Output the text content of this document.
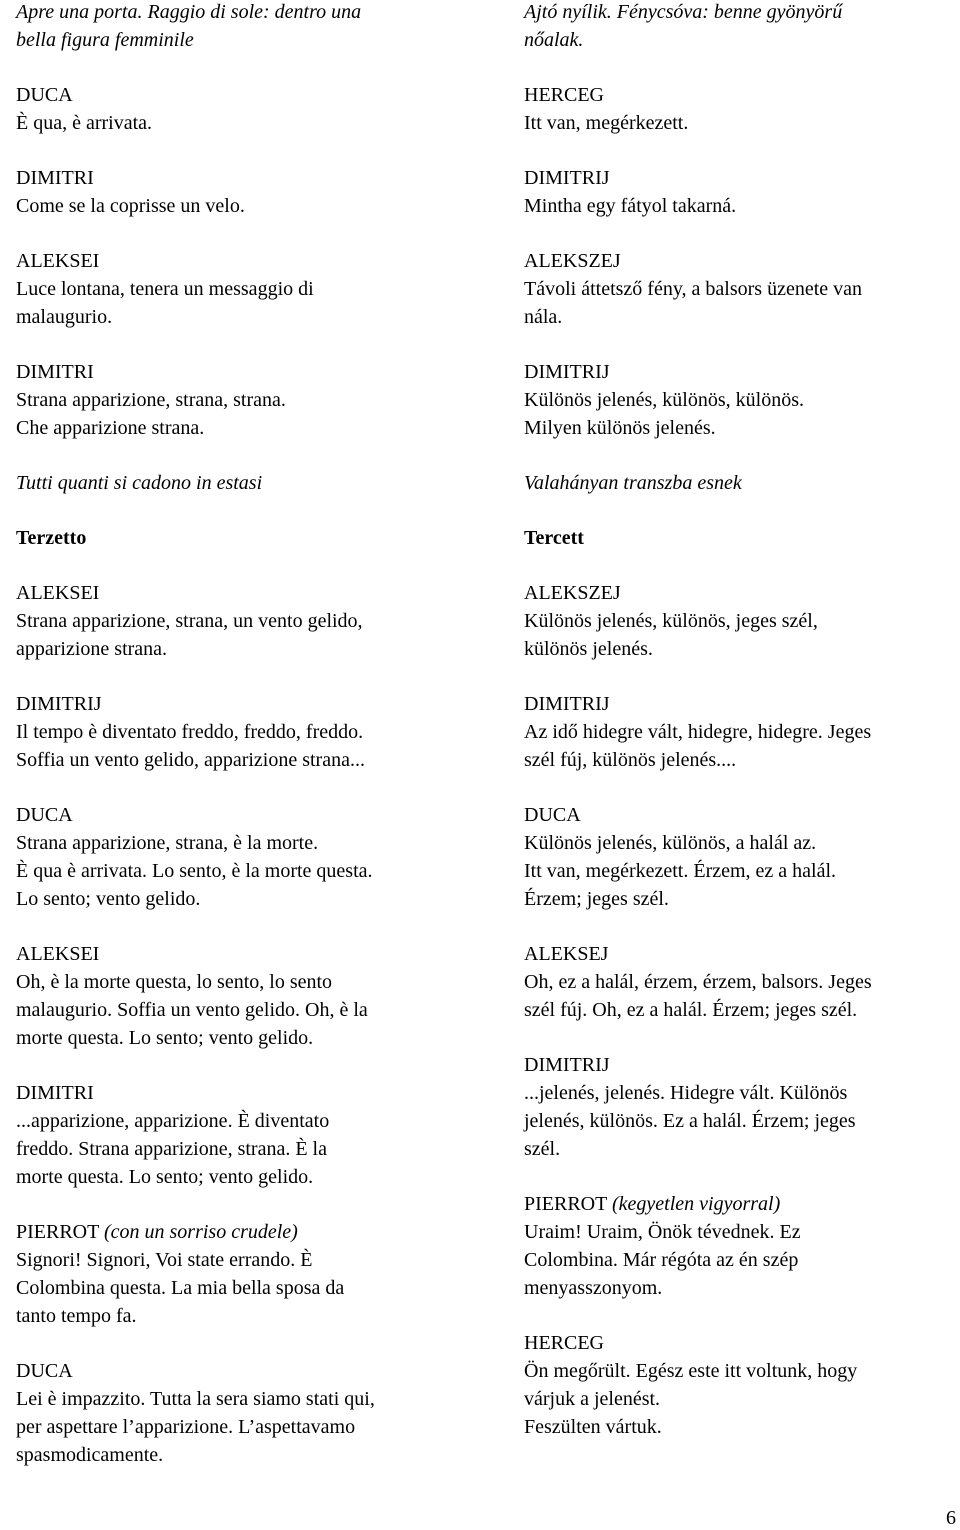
Apre una porta. Raggio di sole: dentro una
bella figura femminile
DUCA
È qua, è arrivata.
DIMITRI
Come se la coprisse un velo.
ALEKSEI
Luce lontana, tenera un messaggio di
malaugurio.
DIMITRI
Strana apparizione, strana, strana.
Che apparizione strana.
Tutti quanti si cadono in estasi
Terzetto
ALEKSEI
Strana apparizione, strana, un vento gelido,
apparizione strana.
DIMITRIJ
Il tempo è diventato freddo, freddo, freddo.
Soffia un vento gelido, apparizione strana...
DUCA
Strana apparizione, strana, è la morte.
È qua è arrivata. Lo sento, è la morte questa.
Lo sento; vento gelido.
ALEKSEI
Oh, è la morte questa, lo sento, lo sento
malaugurio. Soffia un vento gelido. Oh, è la
morte questa. Lo sento; vento gelido.
DIMITRI
...apparizione, apparizione. È diventato
freddo. Strana apparizione, strana. È la
morte questa. Lo sento; vento gelido.
PIERROT (con un sorriso crudele)
Signori! Signori, Voi state errando. È
Colombina questa. La mia bella sposa da
tanto tempo fa.
DUCA
Lei è impazzito. Tutta la sera siamo stati qui,
per aspettare l’apparizione. L’aspettavamo
spasmodicamente.
Ajtó nyílik. Fénycsóva: benne gyönyörű
nőalak.
HERCEG
Itt van, megérkezett.
DIMITRIJ
Mintha egy fátyol takarná.
ALEKSZEJ
Távoli áttetsző fény, a balsors üzenete van
nála.
DIMITRIJ
Különös jelenés, különös, különös.
Milyen különös jelenés.
Valahányan transzba esnek
Tercett
ALEKSZEJ
Különös jelenés, különös, jeges szél,
különös jelenés.
DIMITRIJ
Az idő hidegre vált, hidegre, hidegre. Jeges
szél fúj, különös jelenés....
DUCA
Különös jelenés, különös, a halál az.
Itt van, megérkezett. Érzem, ez a halál.
Érzem; jeges szél.
ALEKSEJ
Oh, ez a halál, érzem, érzem, balsors. Jeges
szél fúj. Oh, ez a halál. Érzem; jeges szél.
DIMITRIJ
...jelenés, jelenés. Hidegre vált. Különös
jelenés, különös. Ez a halál. Érzem; jeges
szél.
PIERROT (kegyetlen vigyorral)
Uraim! Uraim, Önök tévednek. Ez
Colombina. Már régóta az én szép
menyasszonyom.
HERCEG
Ön megőrült. Egész este itt voltunk, hogy
várjuk a jelenést.
Feszülten vártuk.
6
